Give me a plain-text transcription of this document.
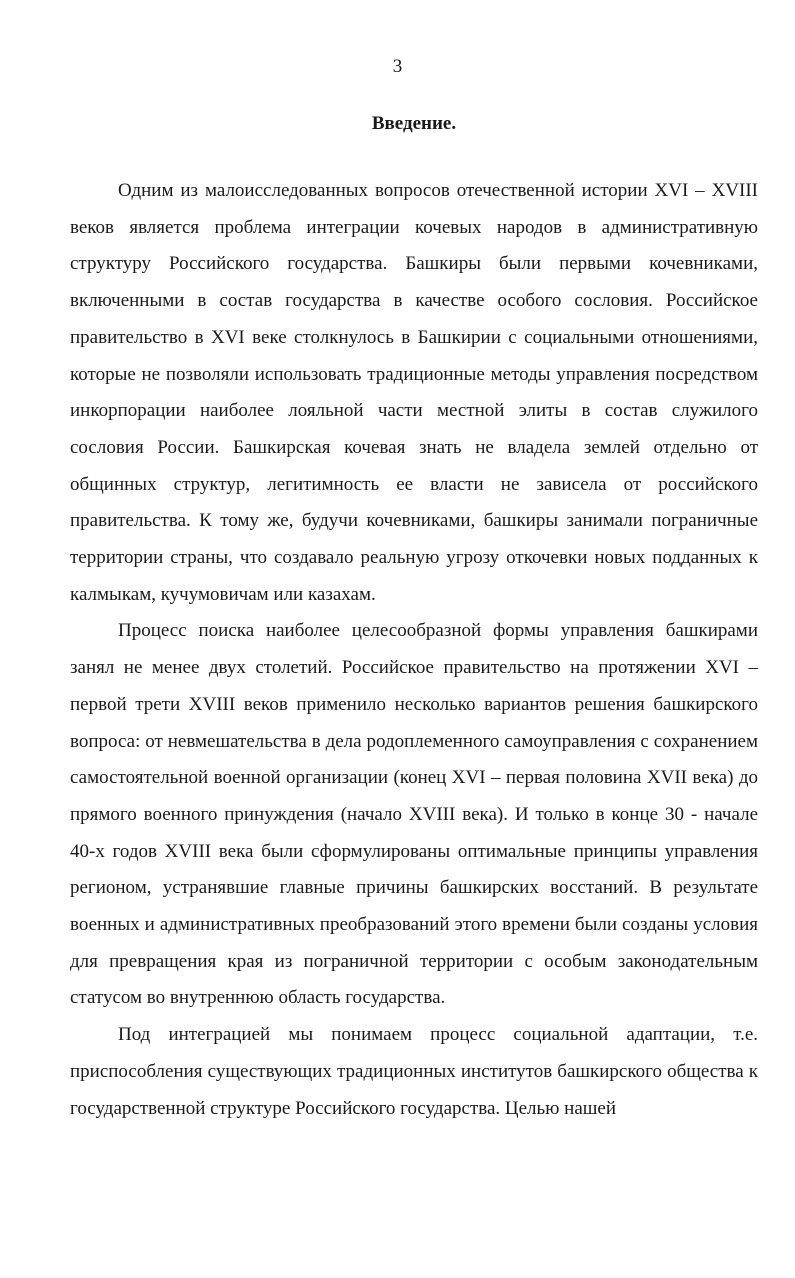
3
Введение.

Одним из малоисследованных вопросов отечественной истории XVI – XVIII веков является проблема интеграции кочевых народов в административную структуру Российского государства. Башкиры были первыми кочевниками, включенными в состав государства в качестве особого сословия. Российское правительство в XVI веке столкнулось в Башкирии с социальными отношениями, которые не позволяли использовать традиционные методы управления посредством инкорпорации наиболее лояльной части местной элиты в состав служилого сословия России. Башкирская кочевая знать не владела землей отдельно от общинных структур, легитимность ее власти не зависела от российского правительства. К тому же, будучи кочевниками, башкиры занимали пограничные территории страны, что создавало реальную угрозу откочевки новых подданных к калмыкам, кучумовичам или казахам.

Процесс поиска наиболее целесообразной формы управления башкирами занял не менее двух столетий. Российское правительство на протяжении XVI – первой трети XVIII веков применило несколько вариантов решения башкирского вопроса: от невмешательства в дела родоплеменного самоуправления с сохранением самостоятельной военной организации (конец XVI – первая половина XVII века) до прямого военного принуждения (начало XVIII века). И только в конце 30 - начале 40-х годов XVIII века были сформулированы оптимальные принципы управления регионом, устранявшие главные причины башкирских восстаний. В результате военных и административных преобразований этого времени были созданы условия для превращения края из пограничной территории с особым законодательным статусом во внутреннюю область государства.

Под интеграцией мы понимаем процесс социальной адаптации, т.е. приспособления существующих традиционных институтов башкирского общества к государственной структуре Российского государства. Целью нашей
